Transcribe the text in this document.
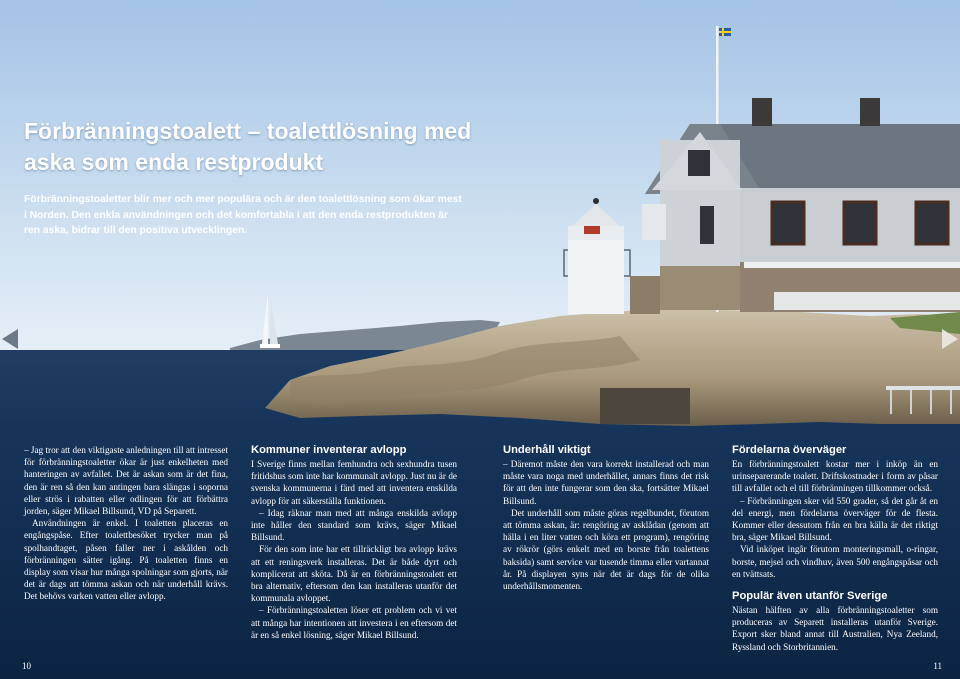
Förbränningstoalett – toalettlösning med aska som enda restprodukt

Förbränningstoaletter blir mer och mer populära och är den toalettlösning som ökar mest i Norden. Den enkla användningen och det komfortabla i att den enda restprodukten är ren aska, bidrar till den positiva utvecklingen.

– Jag tror att den viktigaste anledningen till att intresset för förbränningstoaletter ökar är just enkelheten med hanteringen av avfallet. Det är askan som är det fina, den är ren så den kan antingen bara slängas i soporna eller strös i rabatten eller odlingen för att förbättra jorden, säger Mikael Billsund, VD på Separett.

Användningen är enkel. I toaletten placeras en engångspåse. Efter toalettbesöket trycker man på spolhandtaget, påsen faller ner i askålden och förbränningen sätter igång. På toaletten finns en display som visar hur många spolningar som gjorts, när det är dags att tömma askan och när underhåll krävs. Det behövs varken vatten eller avlopp.

Kommuner inventerar avlopp

I Sverige finns mellan femhundra och sexhundra tusen fritidshus som inte har kommunalt avlopp. Just nu är de svenska kommunerna i färd med att inventera enskilda avlopp för att säkerställa funktionen.

– Idag räknar man med att många enskilda avlopp inte håller den standard som krävs, säger Mikael Billsund.

För den som inte har ett tillräckligt bra avlopp krävs att ett reningsverk installeras. Det är både dyrt och komplicerat att sköta. Då är en förbränningstoalett ett bra alternativ, eftersom den kan installeras utanför det kommunala avloppet.

– Förbränningstoaletten löser ett problem och vi vet att många har intentionen att investera i en eftersom det är en så enkel lösning, säger Mikael Billsund.

Underhåll viktigt

– Däremot måste den vara korrekt installerad och man måste vara noga med underhållet, annars finns det risk för att den inte fungerar som den ska, fortsätter Mikael Billsund.

Det underhåll som måste göras regelbundet, förutom att tömma askan, är: rengöring av asklådan (genom att hälla i en liter vatten och köra ett program), rengöring av rökrör (görs enkelt med en borste från toalettens baksida) samt service var tusende timma eller vartannat år. På displayen syns när det är dags för de olika underhållsmomenten.

Fördelarna överväger

En förbränningstoalett kostar mer i inköp än en urinseparerande toalett. Driftskostnader i form av påsar till avfallet och el till förbränningen tillkommer också.

– Förbränningen sker vid 550 grader, så det går åt en del energi, men fördelarna överväger för de flesta. Kommer eller dessutom från en bra källa är det riktigt bra, säger Mikael Billsund.

Vid inköpet ingår förutom monteringsmall, o-ringar, borste, mejsel och vindhuv, även 500 engångspåsar och en tvättsats.

Populär även utanför Sverige

Nästan hälften av alla förbränningstoaletter som produceras av Separett installeras utanför Sverige. Export sker bland annat till Australien, Nya Zeeland, Ryssland och Storbritannien.

10	11
